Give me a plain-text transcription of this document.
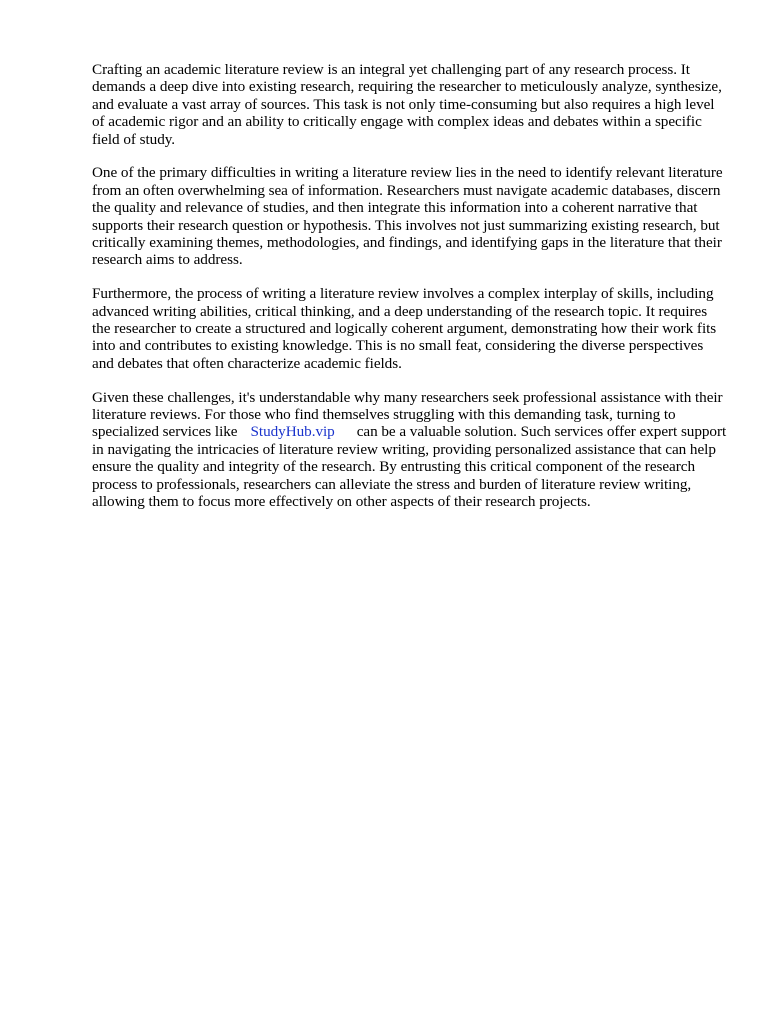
Crafting an academic literature review is an integral yet challenging part of any research process. It demands a deep dive into existing research, requiring the researcher to meticulously analyze, synthesize, and evaluate a vast array of sources. This task is not only time-consuming but also requires a high level of academic rigor and an ability to critically engage with complex ideas and debates within a specific field of study.

One of the primary difficulties in writing a literature review lies in the need to identify relevant literature from an often overwhelming sea of information. Researchers must navigate academic databases, discern the quality and relevance of studies, and then integrate this information into a coherent narrative that supports their research question or hypothesis. This involves not just summarizing existing research, but critically examining themes, methodologies, and findings, and identifying gaps in the literature that their research aims to address.

Furthermore, the process of writing a literature review involves a complex interplay of skills, including advanced writing abilities, critical thinking, and a deep understanding of the research topic. It requires the researcher to create a structured and logically coherent argument, demonstrating how their work fits into and contributes to existing knowledge. This is no small feat, considering the diverse perspectives and debates that often characterize academic fields.

Given these challenges, it's understandable why many researchers seek professional assistance with their literature reviews. For those who find themselves struggling with this demanding task, turning to specialized services like StudyHub.vip can be a valuable solution. Such services offer expert support in navigating the intricacies of literature review writing, providing personalized assistance that can help ensure the quality and integrity of the research. By entrusting this critical component of the research process to professionals, researchers can alleviate the stress and burden of literature review writing, allowing them to focus more effectively on other aspects of their research projects.
